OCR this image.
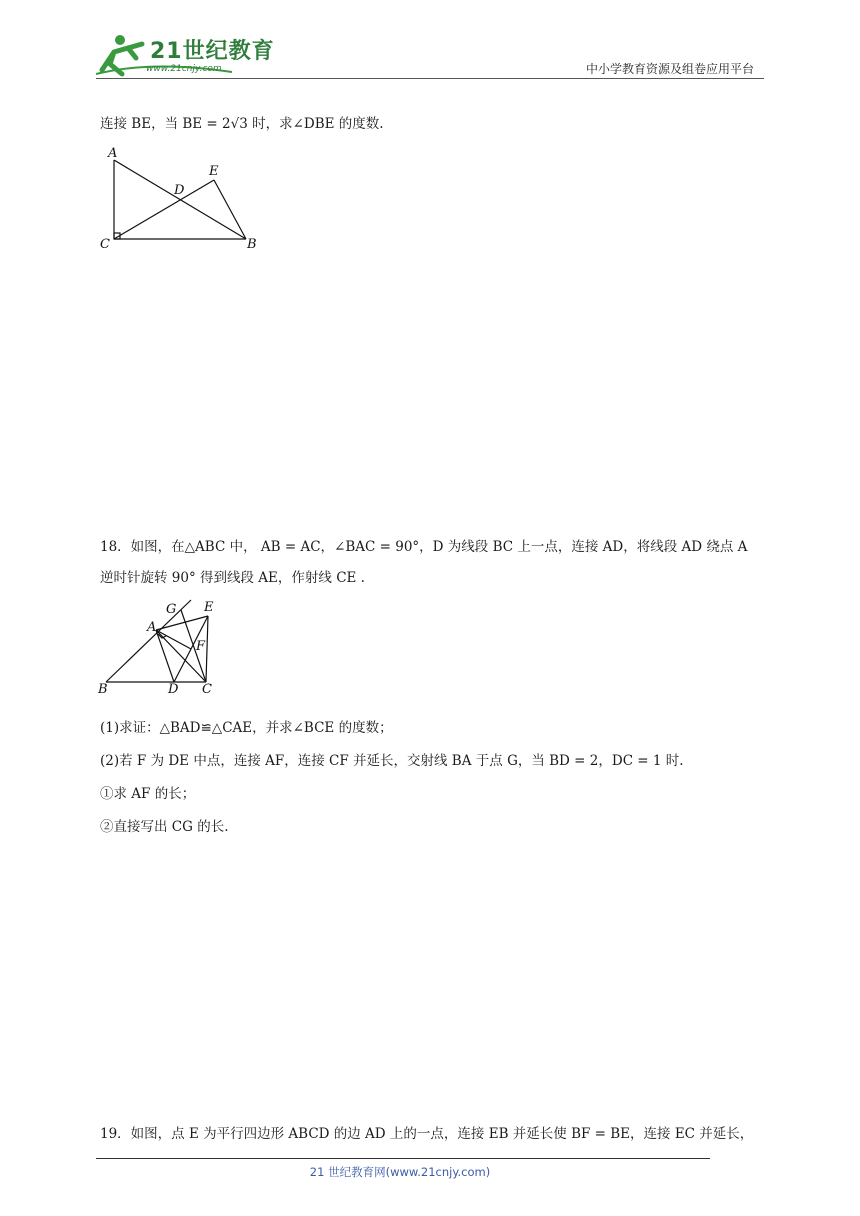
21世纪教育
www.21cnjy.com	中小学教育资源及组卷应用平台
连接 BE，当 BE = 2√3 时，求∠DBE 的度数.
A
D
E
C	B
18．如图，在△ABC 中， AB = AC，∠BAC = 90°，D 为线段 BC 上一点，连接 AD，将线段 AD 绕点 A
逆时针旋转 90° 得到线段 AE，作射线 CE .
G E
A
F
B	D C
(1)求证：△BAD≌△CAE，并求∠BCE 的度数；
(2)若 F 为 DE 中点，连接 AF，连接 CF 并延长，交射线 BA 于点 G，当 BD = 2，DC = 1 时.
①求 AF 的长；
②直接写出 CG 的长.
19．如图，点 E 为平行四边形 ABCD 的边 AD 上的一点，连接 EB 并延长使 BF = BE，连接 EC 并延长，
21 世纪教育网(www.21cnjy.com)
